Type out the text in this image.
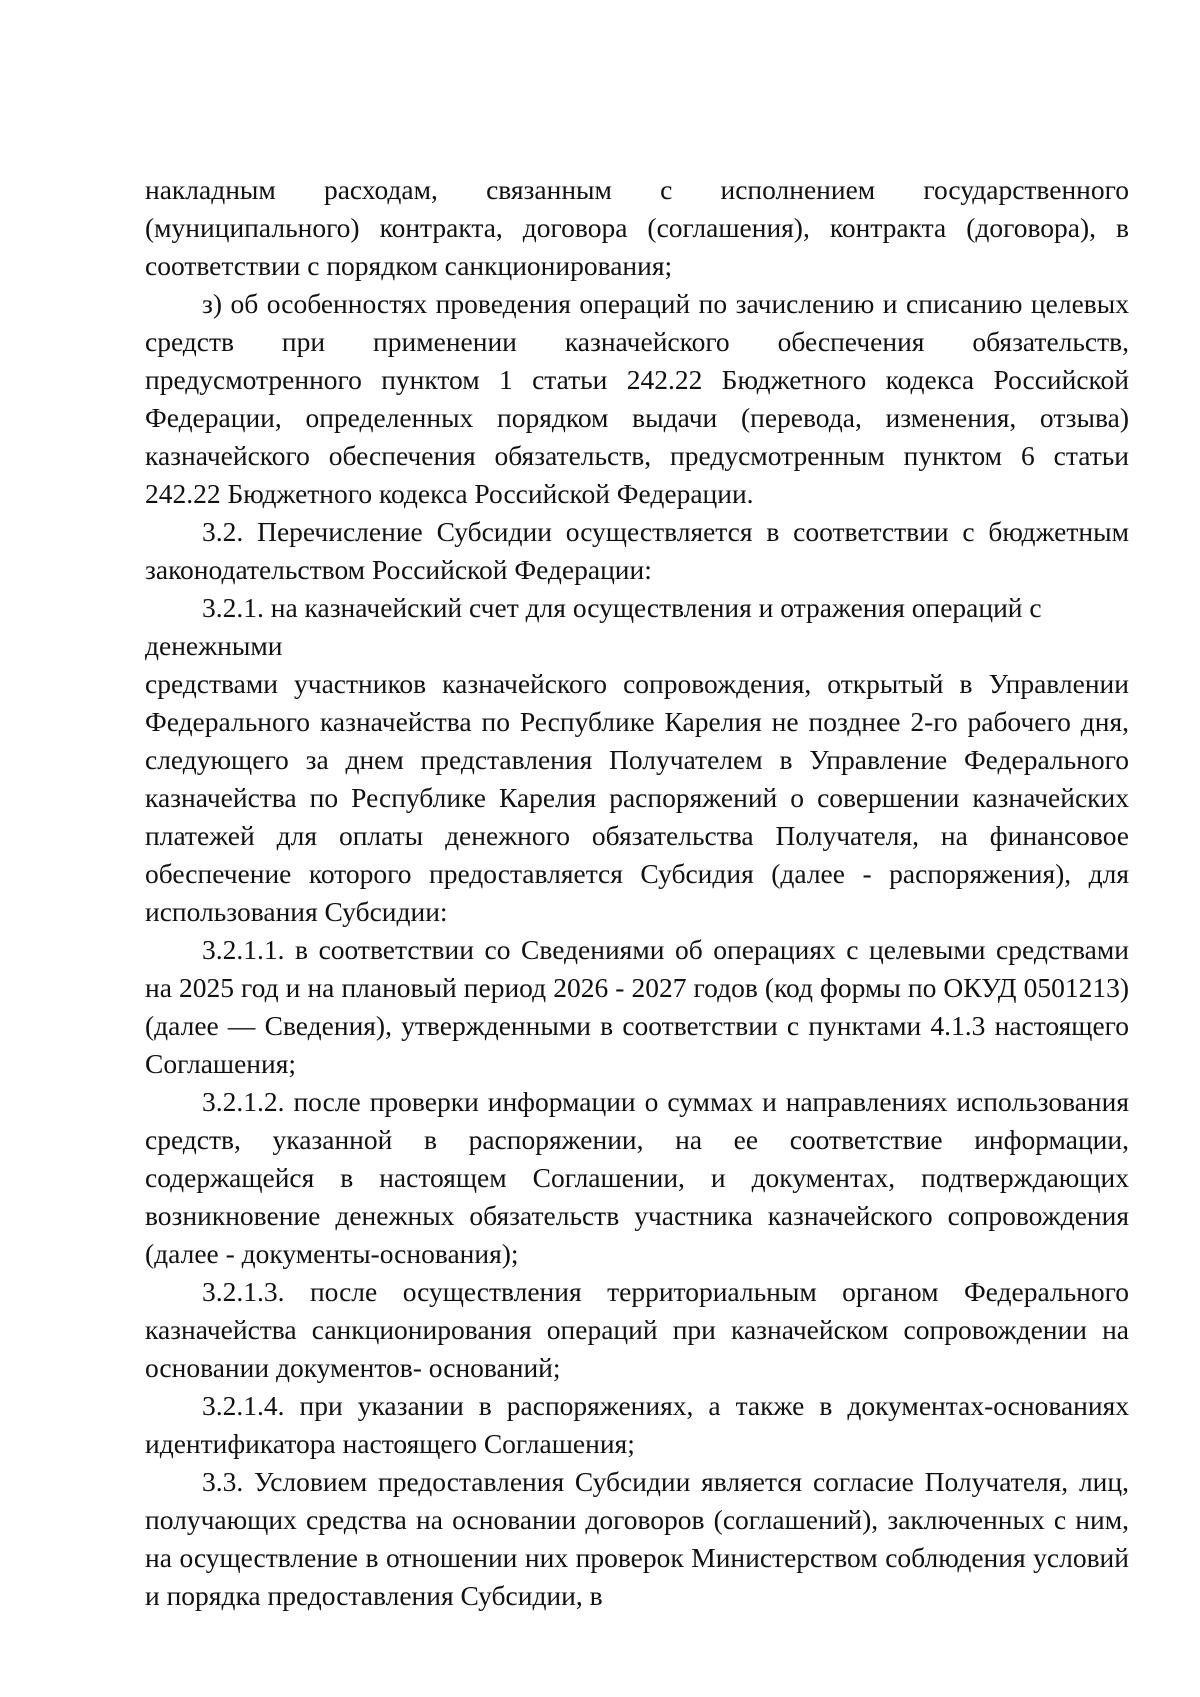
накладным расходам, связанным с исполнением государственного (муниципального) контракта, договора (соглашения), контракта (договора), в соответствии с порядком санкционирования;

з) об особенностях проведения операций по зачислению и списанию целевых средств при применении казначейского обеспечения обязательств, предусмотренного пунктом 1 статьи 242.22 Бюджетного кодекса Российской Федерации, определенных порядком выдачи (перевода, изменения, отзыва) казначейского обеспечения обязательств, предусмотренным пунктом 6 статьи 242.22 Бюджетного кодекса Российской Федерации.

3.2. Перечисление Субсидии осуществляется в соответствии с бюджетным законодательством Российской Федерации:

3.2.1. на казначейский счет для осуществления и отражения операций с денежными

средствами участников казначейского сопровождения, открытый в Управлении Федерального казначейства по Республике Карелия не позднее 2-го рабочего дня, следующего за днем представления Получателем в Управление Федерального казначейства по Республике Карелия распоряжений о совершении казначейских платежей для оплаты денежного обязательства Получателя, на финансовое обеспечение которого предоставляется Субсидия (далее - распоряжения), для использования Субсидии:

3.2.1.1. в соответствии со Сведениями об операциях с целевыми средствами на 2025 год и на плановый период 2026 - 2027 годов (код формы по ОКУД 0501213) (далее — Сведения), утвержденными в соответствии с пунктами 4.1.3 настоящего Соглашения;

3.2.1.2. после проверки информации о суммах и направлениях использования средств, указанной в распоряжении, на ее соответствие информации, содержащейся в настоящем Соглашении, и документах, подтверждающих возникновение денежных обязательств участника казначейского сопровождения (далее - документы-основания);

3.2.1.3. после осуществления территориальным органом Федерального казначейства санкционирования операций при казначейском сопровождении на основании документов- оснований;

3.2.1.4. при указании в распоряжениях, а также в документах-основаниях идентификатора настоящего Соглашения;

3.3. Условием предоставления Субсидии является согласие Получателя, лиц, получающих средства на основании договоров (соглашений), заключенных с ним, на осуществление в отношении них проверок Министерством соблюдения условий и порядка предоставления Субсидии, в
